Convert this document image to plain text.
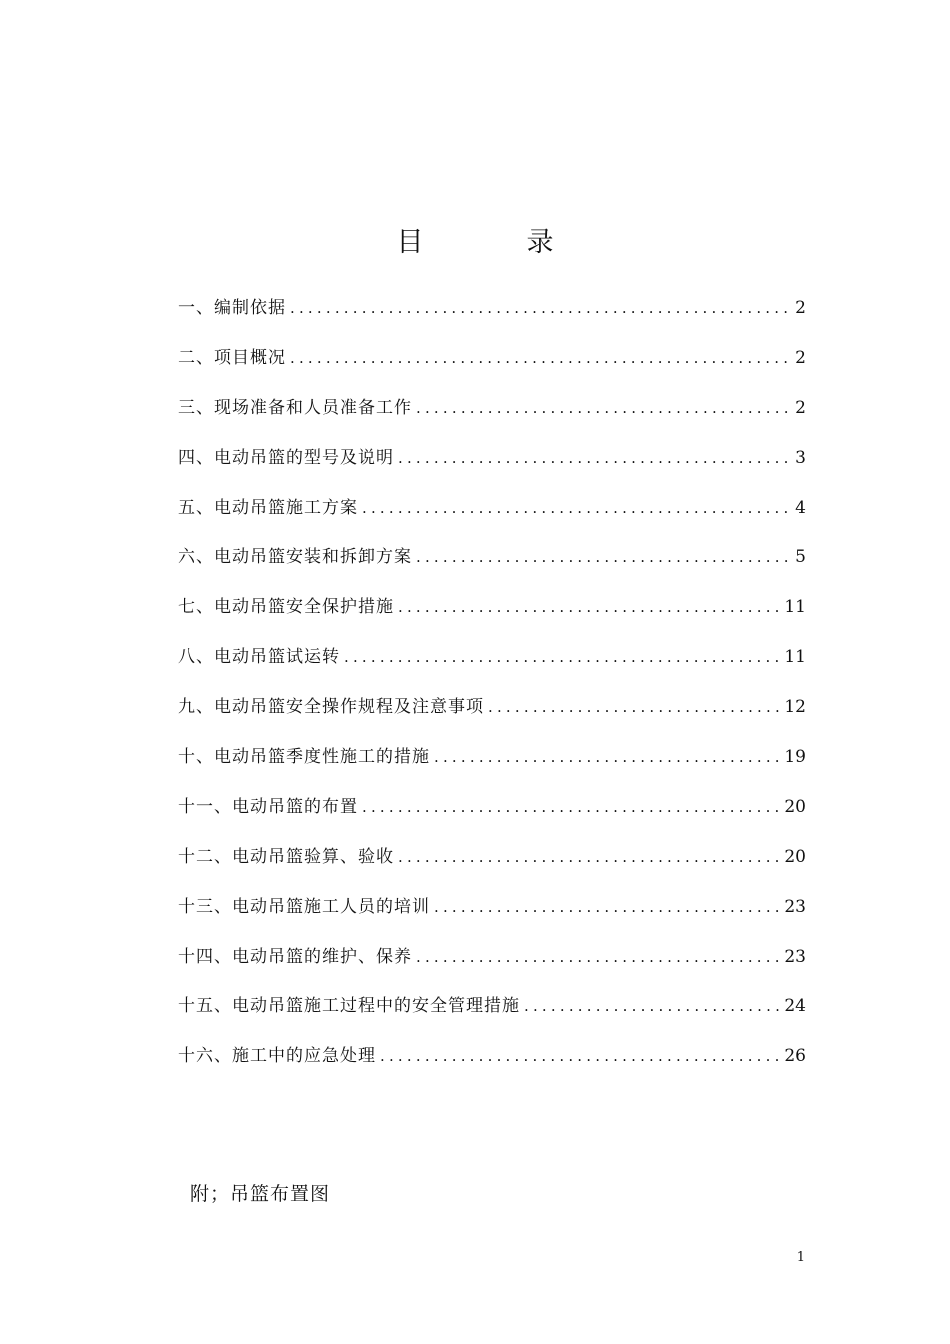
目　录
一、编制依据 .....	2
二、项目概况 .....	2
三、现场准备和人员准备工作 .....	2
四、电动吊篮的型号及说明 .....	3
五、电动吊篮施工方案 .....	4
六、电动吊篮安装和拆卸方案 .....	5
七、电动吊篮安全保护措施 .....	11
八、电动吊篮试运转 .....	11
九、电动吊篮安全操作规程及注意事项 .....	12
十、电动吊篮季度性施工的措施 .....	19
十一、电动吊篮的布置 .....	20
十二、电动吊篮验算、验收 .....	20
十三、电动吊篮施工人员的培训 .....	23
十四、电动吊篮的维护、保养 .....	23
十五、电动吊篮施工过程中的安全管理措施 .....	24
十六、施工中的应急处理 .....	26
附；吊篮布置图
1
